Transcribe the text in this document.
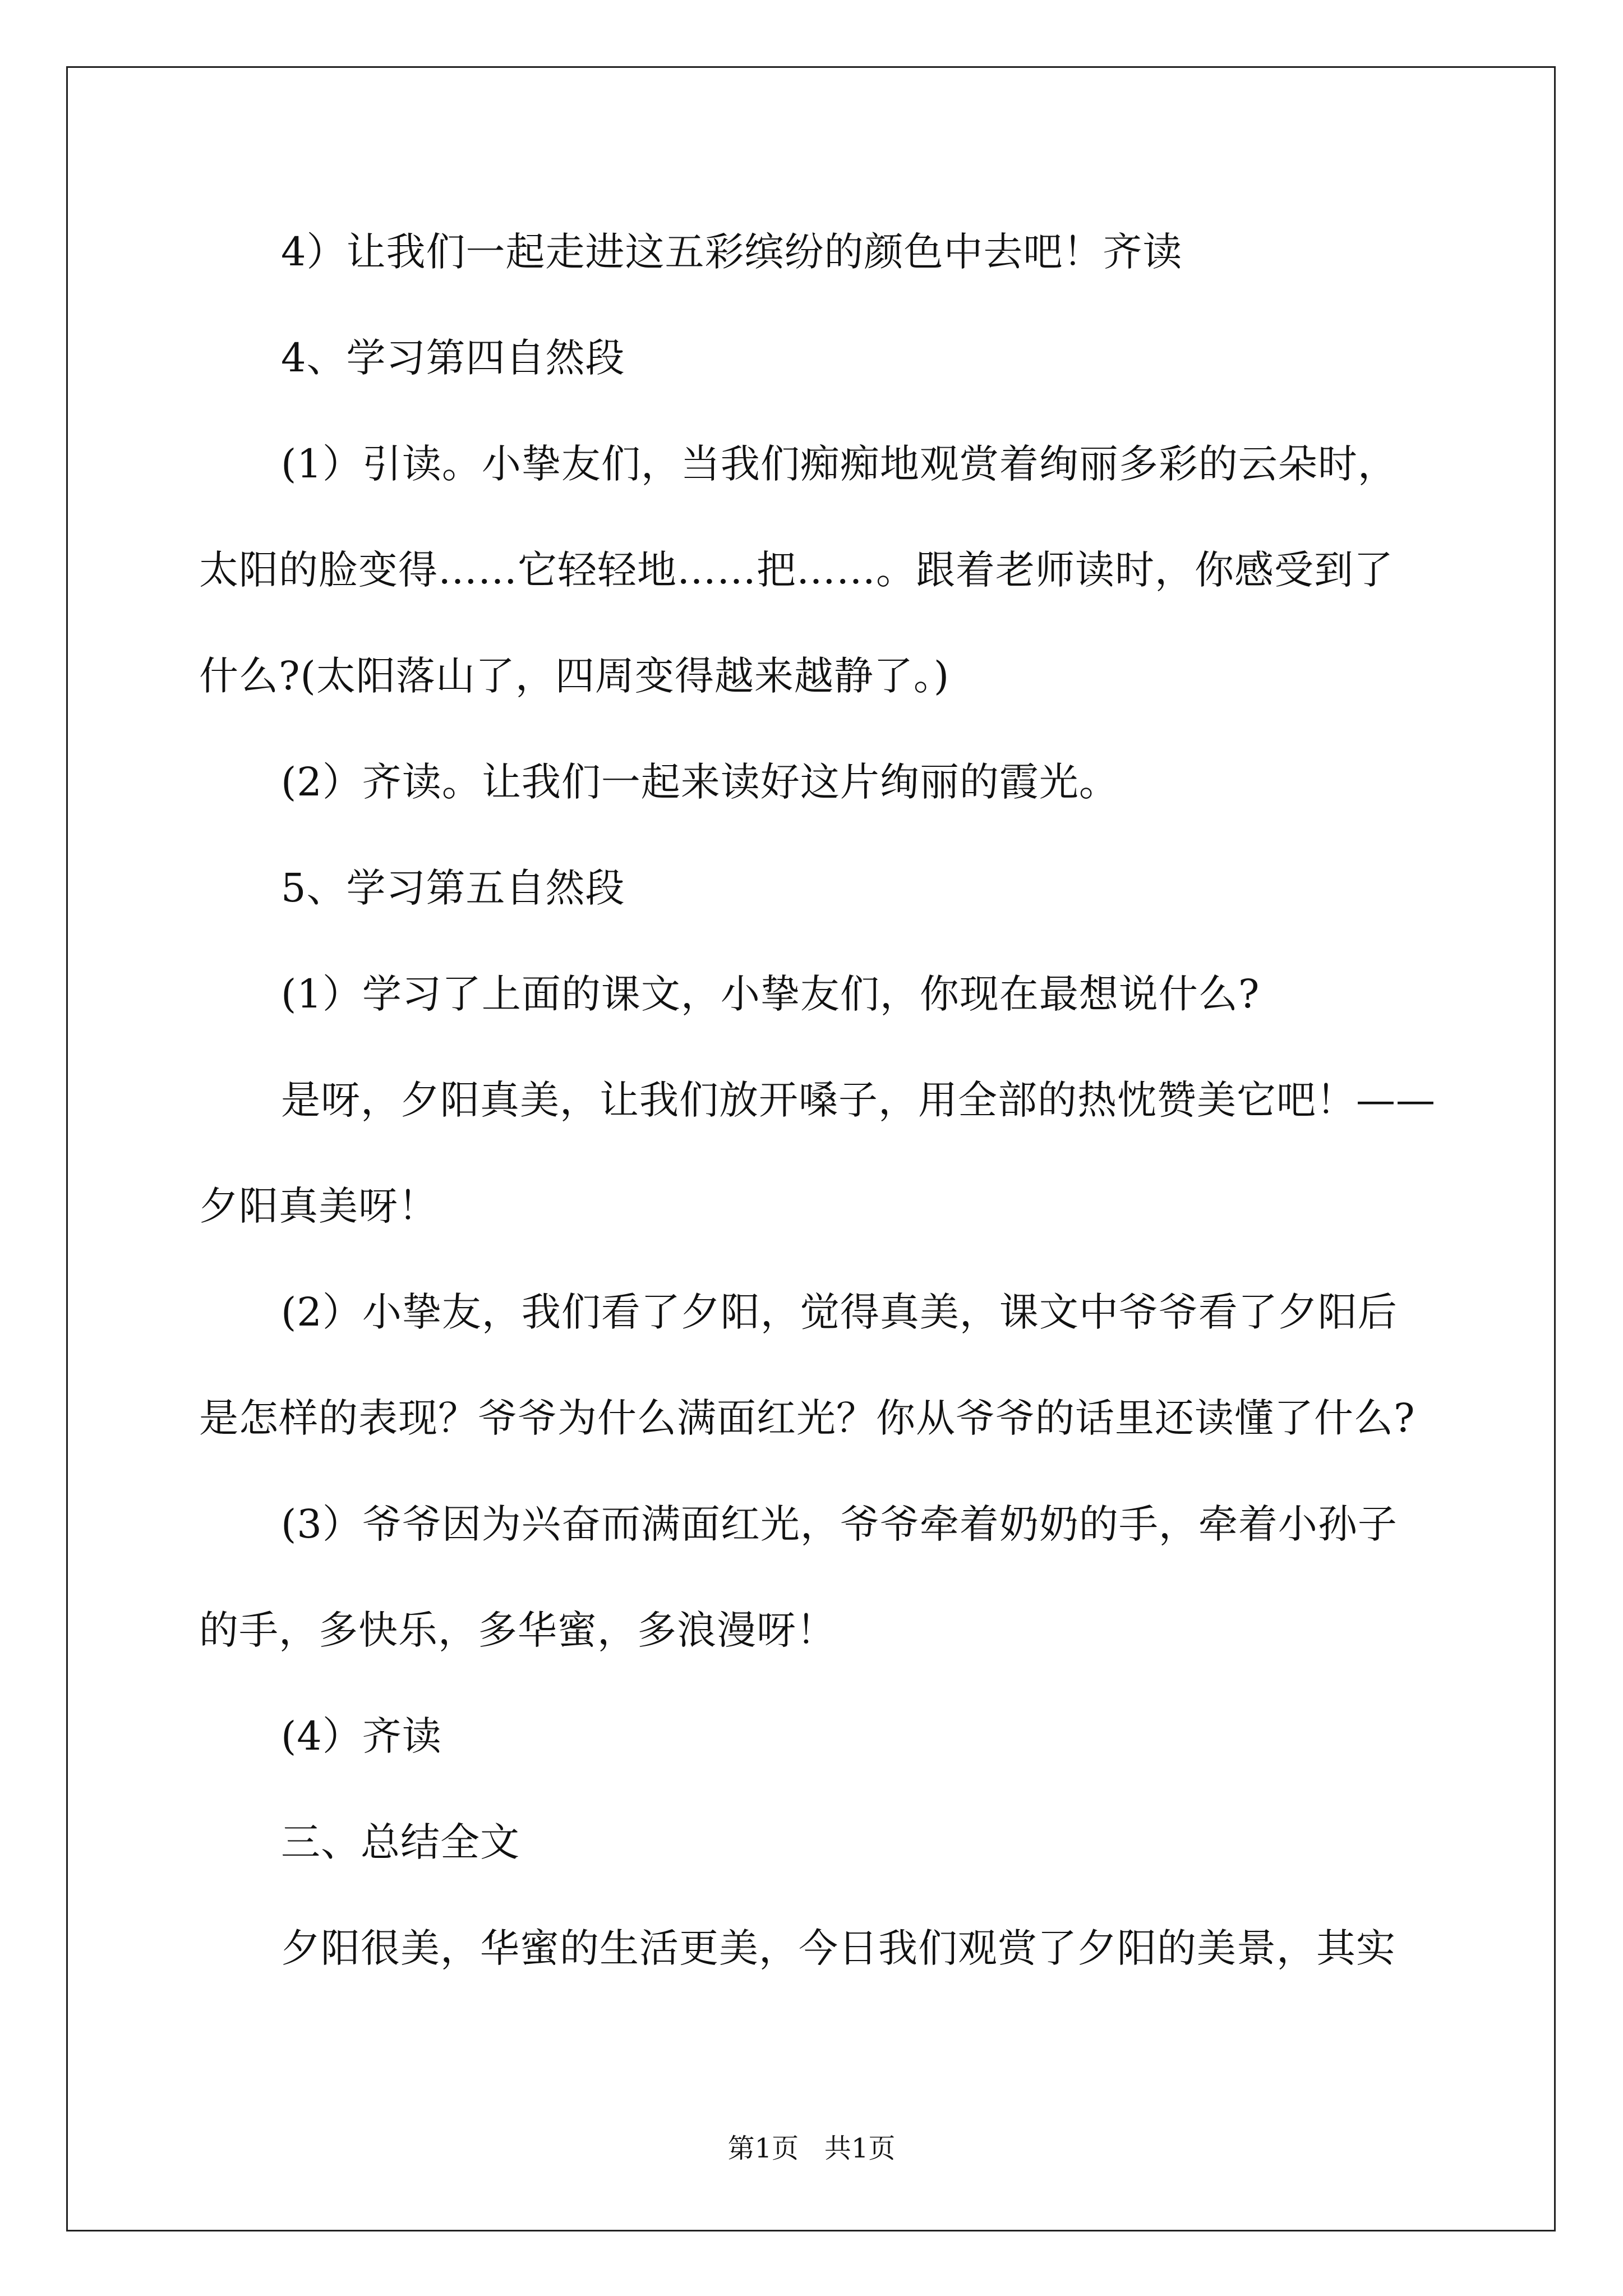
4）让我们一起走进这五彩缤纷的颜色中去吧！齐读
4、学习第四自然段
(1）引读。小挚友们，当我们痴痴地观赏着绚丽多彩的云朵时，
太阳的脸变得……它轻轻地……把……。跟着老师读时，你感受到了
什么?(太阳落山了，四周变得越来越静了。)
(2）齐读。让我们一起来读好这片绚丽的霞光。
5、学习第五自然段
(1）学习了上面的课文，小挚友们，你现在最想说什么?
是呀，夕阳真美，让我们放开嗓子，用全部的热忱赞美它吧！——
夕阳真美呀！
(2）小挚友，我们看了夕阳，觉得真美，课文中爷爷看了夕阳后
是怎样的表现？爷爷为什么满面红光？你从爷爷的话里还读懂了什么?
(3）爷爷因为兴奋而满面红光，爷爷牵着奶奶的手，牵着小孙子
的手，多快乐，多华蜜，多浪漫呀！
(4）齐读
三、总结全文
夕阳很美，华蜜的生活更美，今日我们观赏了夕阳的美景，其实
第1页   共1页
